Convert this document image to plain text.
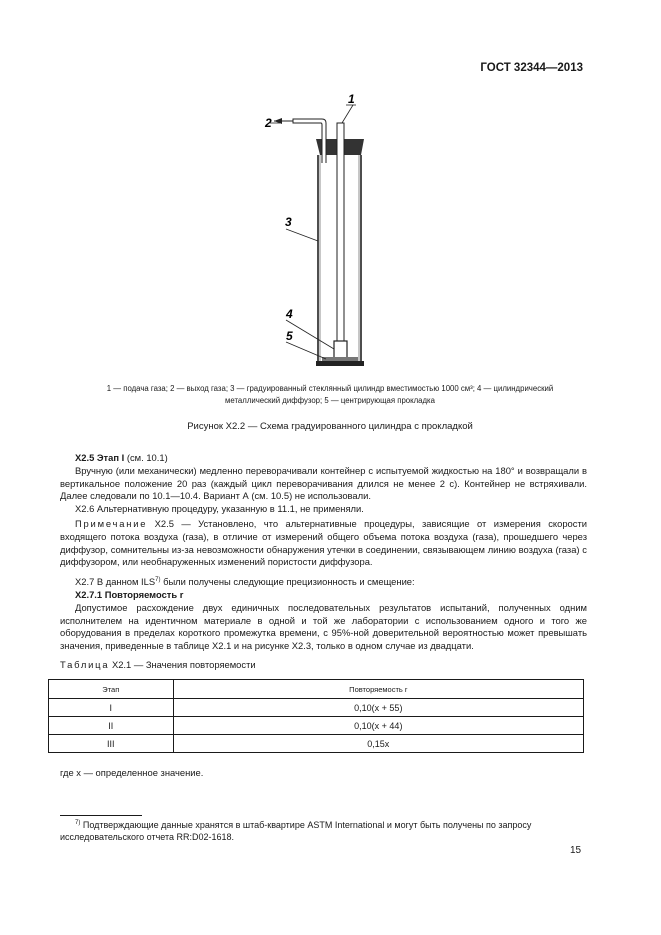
ГОСТ 32344—2013
1
2
3
4
5
1 — подача газа; 2 — выход газа; 3 — градуированный стеклянный цилиндр вместимостью 1000 см³; 4 — цилиндрический
металлический диффузор; 5 — центрирующая прокладка
Рисунок Х2.2 — Схема градуированного цилиндра с прокладкой

Х2.5 Этап I (см. 10.1)

Вручную (или механически) медленно переворачивали контейнер с испытуемой жидкостью на 180° и возвращали в вертикальное положение 20 раз (каждый цикл переворачивания длился не менее 2 с). Контейнер не встряхивали. Далее следовали по 10.1—10.4. Вариант А (см. 10.5) не использовали.

Х2.6 Альтернативную процедуру, указанную в 11.1, не применяли.

Примечание Х2.5 — Установлено, что альтернативные процедуры, зависящие от измерения скорости входящего потока воздуха (газа), в отличие от измерений общего объема потока воздуха (газа), прошедшего через диффузор, сомнительны из-за невозможности обнаружения утечки в соединении, связывающем линию воздуха (газа) с диффузором, или необнаруженных изменений пористости диффузора.

Х2.7 В данном ILS$^{7)}$ были получены следующие прецизионность и смещение:

Х2.7.1 Повторяемость r

Допустимое расхождение двух единичных последовательных результатов испытаний, полученных одним исполнителем на идентичном материале в одной и той же лаборатории с использованием одного и того же оборудования в пределах короткого промежутка времени, с 95%-ной доверительной вероятностью может превышать значения, приведенные в таблице Х2.1 и на рисунке Х2.3, только в одном случае из двадцати.

Таблица Х2.1 — Значения повторяемости
Этап	Повторяемость r
I	0,10(x + 55)
II	0,10(x + 44)
III	0,15x
где x — определенное значение.
$^{7)}$ Подтверждающие данные хранятся в штаб-квартире ASTM International и могут быть получены по запросу исследовательского отчета RR:D02-1618.
15
